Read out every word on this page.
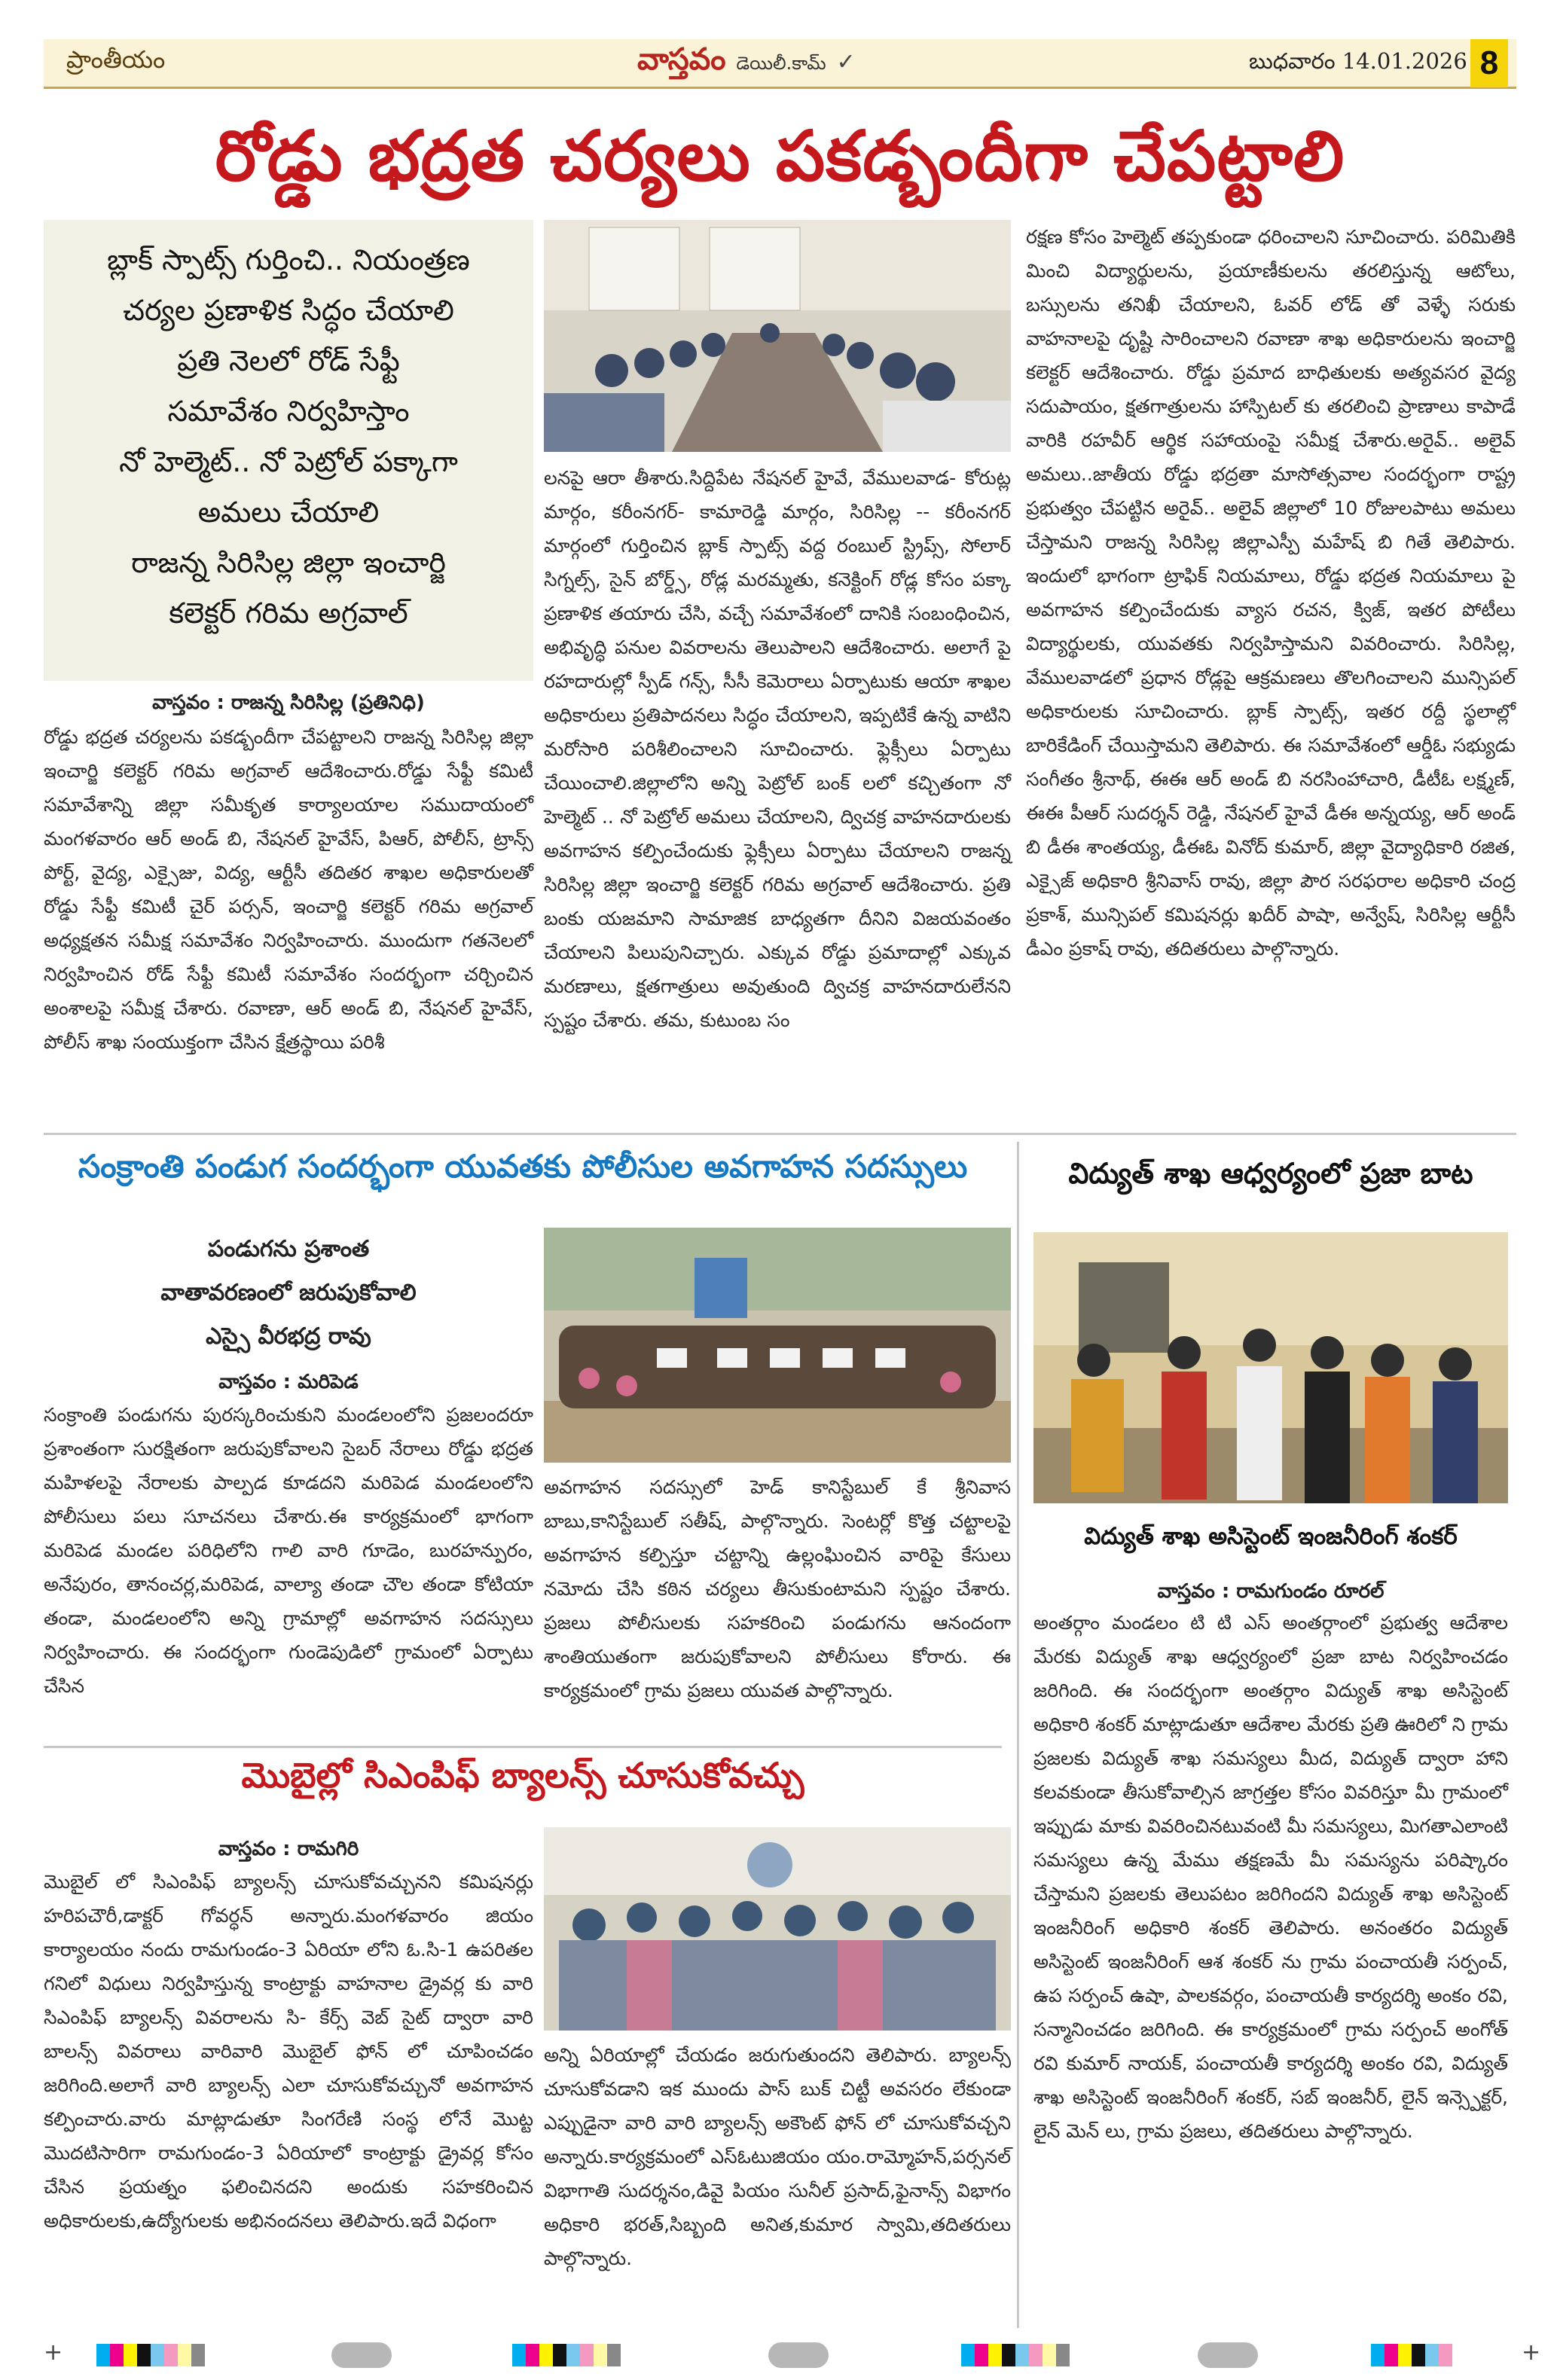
ప్రాంతీయం	వాస్తవం డెయిలీ.కామ్ ✓	బుధవారం 14.01.2026 8
రోడ్డు భద్రత చర్యలు పకడ్బందీగా చేపట్టాలి

బ్లాక్ స్పాట్స్ గుర్తించి.. నియంత్రణ

చర్యల ప్రణాళిక సిద్ధం చేయాలి

ప్రతి నెలలో రోడ్ సేఫ్టీ

సమావేశం నిర్వహిస్తాం

నో హెల్మెట్.. నో పెట్రోల్ పక్కాగా

అమలు చేయాలి

రాజన్న సిరిసిల్ల జిల్లా ఇంచార్జి

కలెక్టర్ గరిమ అగ్రవాల్

వాస్తవం : రాజన్న సిరిసిల్ల (ప్రతినిధి)

రోడ్డు భద్రత చర్యలను పకడ్బందీగా చేపట్టాలని రాజన్న సిరిసిల్ల జిల్లా ఇంచార్జి కలెక్టర్ గరిమ అగ్రవాల్ ఆదేశించారు.రోడ్డు సేఫ్టీ కమిటీ సమావేశాన్ని జిల్లా సమీకృత కార్యాలయాల సముదాయంలో మంగళవారం ఆర్ అండ్ బి, నేషనల్ హైవేస్, పిఆర్, పోలీస్, ట్రాన్స్ పోర్ట్, వైద్య, ఎక్సైజు, విద్య, ఆర్టీసీ తదితర శాఖల అధికారులతో రోడ్డు సేఫ్టీ కమిటీ చైర్ పర్సన్, ఇంచార్జి కలెక్టర్ గరిమ అగ్రవాల్ అధ్యక్షతన సమీక్ష సమావేశం నిర్వహించారు. ముందుగా గతనెలలో నిర్వహించిన రోడ్ సేఫ్టీ కమిటీ సమావేశం సందర్భంగా చర్చించిన అంశాలపై సమీక్ష చేశారు. రవాణా, ఆర్ అండ్ బి, నేషనల్ హైవేస్, పోలీస్ శాఖ సంయుక్తంగా చేసిన క్షేత్రస్థాయి పరిశీ

లనపై ఆరా తీశారు.సిద్దిపేట నేషనల్ హైవే, వేములవాడ- కోరుట్ల మార్గం, కరీంనగర్- కామారెడ్డి మార్గం, సిరిసిల్ల -- కరీంనగర్ మార్గంలో గుర్తించిన బ్లాక్ స్పాట్స్ వద్ద రంబుల్ స్ట్రిప్స్, సోలార్ సిగ్నల్స్, సైన్ బోర్డ్స్, రోడ్ల మరమ్మతు, కనెక్టింగ్ రోడ్ల కోసం పక్కా ప్రణాళిక తయారు చేసి, వచ్చే సమావేశంలో దానికి సంబంధించిన, అభివృద్ధి పనుల వివరాలను తెలుపాలని ఆదేశించారు. అలాగే పై రహదారుల్లో స్పీడ్ గన్స్, సీసీ కెమెరాలు ఏర్పాటుకు ఆయా శాఖల అధికారులు ప్రతిపాదనలు సిద్ధం చేయాలని, ఇప్పటికే ఉన్న వాటిని మరోసారి పరిశీలించాలని సూచించారు. ఫ్లెక్సీలు ఏర్పాటు చేయించాలి.జిల్లాలోని అన్ని పెట్రోల్ బంక్ లలో కచ్చితంగా నో హెల్మెట్ .. నో పెట్రోల్ అమలు చేయాలని, ద్విచక్ర వాహనదారులకు అవగాహన కల్పించేందుకు ఫ్లెక్సీలు ఏర్పాటు చేయాలని రాజన్న సిరిసిల్ల జిల్లా ఇంచార్జి కలెక్టర్ గరిమ అగ్రవాల్ ఆదేశించారు. ప్రతి బంకు యజమాని సామాజిక బాధ్యతగా దీనిని విజయవంతం చేయాలని పిలుపునిచ్చారు. ఎక్కువ రోడ్డు ప్రమాదాల్లో ఎక్కువ మరణాలు, క్షతగాత్రులు అవుతుంది ద్విచక్ర వాహనదారులేనని స్పష్టం చేశారు. తమ, కుటుంబ సం

రక్షణ కోసం హెల్మెట్ తప్పకుండా ధరించాలని సూచించారు. పరిమితికి మించి విద్యార్థులను, ప్రయాణీకులను తరలిస్తున్న ఆటోలు, బస్సులను తనిఖీ చేయాలని, ఓవర్ లోడ్ తో వెళ్ళే సరుకు వాహనాలపై దృష్టి సారించాలని రవాణా శాఖ అధికారులను ఇంచార్జి కలెక్టర్ ఆదేశించారు. రోడ్డు ప్రమాద బాధితులకు అత్యవసర వైద్య సదుపాయం, క్షతగాత్రులను హాస్పిటల్ కు తరలించి ప్రాణాలు కాపాడే వారికి రహవీర్ ఆర్థిక సహాయంపై సమీక్ష చేశారు.అరైవ్.. అలైవ్ అమలు..జాతీయ రోడ్డు భద్రతా మాసోత్సవాల సందర్భంగా రాష్ట్ర ప్రభుత్వం చేపట్టిన అరైవ్.. అలైవ్ జిల్లాలో 10 రోజులపాటు అమలు చేస్తామని రాజన్న సిరిసిల్ల జిల్లాఎస్పీ మహేష్ బి గితే తెలిపారు. ఇందులో భాగంగా ట్రాఫిక్ నియమాలు, రోడ్డు భద్రత నియమాలు పై అవగాహన కల్పించేందుకు వ్యాస రచన, క్విజ్, ఇతర పోటీలు విద్యార్థులకు, యువతకు నిర్వహిస్తామని వివరించారు. సిరిసిల్ల, వేములవాడలో ప్రధాన రోడ్లపై ఆక్రమణలు తొలగించాలని మున్సిపల్ అధికారులకు సూచించారు. బ్లాక్ స్పాట్స్, ఇతర రద్దీ స్థలాల్లో బారికేడింగ్ చేయిస్తామని తెలిపారు. ఈ సమావేశంలో ఆర్డీఓ సభ్యుడు సంగీతం శ్రీనాథ్, ఈఈ ఆర్ అండ్ బి నరసింహాచారి, డీటీఓ లక్ష్మణ్, ఈఈ పీఆర్ సుదర్శన్ రెడ్డి, నేషనల్ హైవే డీఈ అన్నయ్య, ఆర్ అండ్ బి డీఈ శాంతయ్య, డీఈఓ వినోద్ కుమార్, జిల్లా వైద్యాధికారి రజిత, ఎక్సైజ్ అధికారి శ్రీనివాస్ రావు, జిల్లా పౌర సరఫరాల అధికారి చంద్ర ప్రకాశ్, మున్సిపల్ కమిషనర్లు ఖదీర్ పాషా, అన్వేష్, సిరిసిల్ల ఆర్టీసీ డీఎం ప్రకాష్ రావు, తదితరులు పాల్గొన్నారు.

సంక్రాంతి పండుగ సందర్భంగా యువతకు పోలీసుల అవగాహన సదస్సులు

పండుగను ప్రశాంత

వాతావరణంలో జరుపుకోవాలి

ఎస్సై వీరభద్ర రావు

వాస్తవం : మరిపెడ

సంక్రాంతి పండుగను పురస్కరించుకుని మండలంలోని ప్రజలందరూ ప్రశాంతంగా సురక్షితంగా జరుపుకోవాలని సైబర్ నేరాలు రోడ్డు భద్రత మహిళలపై నేరాలకు పాల్పడ కూడదని మరిపెడ మండలంలోని పోలీసులు పలు సూచనలు చేశారు.ఈ కార్యక్రమంలో భాగంగా మరిపెడ మండల పరిధిలోని గాలి వారి గూడెం, బురహన్పురం, అనేపురం, తానంచర్ల,మరిపెడ, వాల్యా తండా చౌల తండా కోటియా తండా, మండలంలోని అన్ని గ్రామాల్లో అవగాహన సదస్సులు నిర్వహించారు. ఈ సందర్భంగా గుండెపుడిలో గ్రామంలో ఏర్పాటు చేసిన

అవగాహన సదస్సులో హెడ్ కానిస్టేబుల్ కే శ్రీనివాస బాబు,కానిస్టేబుల్ సతీష్, పాల్గొన్నారు. సెంటర్లో కొత్త చట్టాలపై అవగాహన కల్పిస్తూ చట్టాన్ని ఉల్లంఘించిన వారిపై కేసులు నమోదు చేసి కఠిన చర్యలు తీసుకుంటామని స్పష్టం చేశారు. ప్రజలు పోలీసులకు సహకరించి పండుగను ఆనందంగా శాంతియుతంగా జరుపుకోవాలని పోలీసులు కోరారు. ఈ కార్యక్రమంలో గ్రామ ప్రజలు యువత పాల్గొన్నారు.

మొబైల్లో సిఎంపిఫ్ బ్యాలన్స్ చూసుకోవచ్చు
వాస్తవం : రామగిరి

మొబైల్ లో సిఎంపిఫ్ బ్యాలన్స్ చూసుకోవచ్చునని కమిషనర్లు హరిపచౌరీ,డాక్టర్ గోవర్ధన్ అన్నారు.మంగళవారం జియం కార్యాలయం నందు రామగుండం-3 ఏరియా లోని ఓ.సి-1 ఉపరితల గనిలో విధులు నిర్వహిస్తున్న కాంట్రాక్టు వాహనాల డ్రైవర్ల కు వారి సిఎంపిఫ్ బ్యాలన్స్ వివరాలను సి- కేర్స్ వెబ్ సైట్ ద్వారా వారి బాలన్స్ వివరాలు వారివారి మొబైల్ ఫోన్ లో చూపించడం జరిగింది.అలాగే వారి బ్యాలన్స్ ఎలా చూసుకోవచ్చునో అవగాహన కల్పించారు.వారు మాట్లాడుతూ సింగరేణి సంస్థ లోనే మొట్ట మొదటిసారిగా రామగుండం-3 ఏరియాలో కాంట్రాక్టు డ్రైవర్ల కోసం చేసిన ప్రయత్నం ఫలించినదని అందుకు సహకరించిన అధికారులకు,ఉద్యోగులకు అభినందనలు తెలిపారు.ఇదే విధంగా

అన్ని ఏరియాల్లో చేయడం జరుగుతుందని తెలిపారు. బ్యాలన్స్ చూసుకోవడాని ఇక ముందు పాస్ బుక్ చిట్టీ అవసరం లేకుండా ఎప్పుడైనా వారి వారి బ్యాలన్స్ అకౌంట్ ఫోన్ లో చూసుకోవచ్చని అన్నారు.కార్యక్రమంలో ఎస్ఓటుజియం యం.రామ్మోహన్,పర్సనల్ విభాగాతి సుదర్శనం,డివై పియం సునీల్ ప్రసాద్,ఫైనాన్స్ విభాగం అధికారి భరత్,సిబ్బంది అనిత,కుమార స్వామి,తదితరులు పాల్గొన్నారు.

విద్యుత్ శాఖ ఆధ్వర్యంలో ప్రజా బాట
విద్యుత్ శాఖ అసిస్టెంట్ ఇంజనీరింగ్ శంకర్
వాస్తవం : రామగుండం రూరల్

అంతర్గాం మండలం టి టి ఎస్ అంతర్గాంలో ప్రభుత్వ ఆదేశాల మేరకు విద్యుత్ శాఖ ఆధ్వర్యంలో ప్రజా బాట నిర్వహించడం జరిగింది. ఈ సందర్భంగా అంతర్గాం విద్యుత్ శాఖ అసిస్టెంట్ అధికారి శంకర్ మాట్లాడుతూ ఆదేశాల మేరకు ప్రతి ఊరిలో ని గ్రామ ప్రజలకు విద్యుత్ శాఖ సమస్యలు మీద, విద్యుత్ ద్వారా హాని కలవకుండా తీసుకోవాల్సిన జాగ్రత్తల కోసం వివరిస్తూ మీ గ్రామంలో ఇప్పుడు మాకు వివరించినటువంటి మీ సమస్యలు, మిగతాఎలాంటి సమస్యలు ఉన్న మేము తక్షణమే మీ సమస్యను పరిష్కారం చేస్తామని ప్రజలకు తెలుపటం జరిగిందని విద్యుత్ శాఖ అసిస్టెంట్ ఇంజనీరింగ్ అధికారి శంకర్ తెలిపారు. అనంతరం విద్యుత్ అసిస్టెంట్ ఇంజనీరింగ్ ఆశ శంకర్ ను గ్రామ పంచాయతీ సర్పంచ్, ఉప సర్పంచ్ ఉషా, పాలకవర్గం, పంచాయతీ కార్యదర్శి అంకం రవి, సన్మానించడం జరిగింది. ఈ కార్యక్రమంలో గ్రామ సర్పంచ్ అంగోత్ రవి కుమార్ నాయక్, పంచాయతీ కార్యదర్శి అంకం రవి, విద్యుత్ శాఖ అసిస్టెంట్ ఇంజనీరింగ్ శంకర్, సబ్ ఇంజనీర్, లైన్ ఇన్స్పెక్టర్, లైన్ మెన్ లు, గ్రామ ప్రజలు, తదితరులు పాల్గొన్నారు.

+	+
